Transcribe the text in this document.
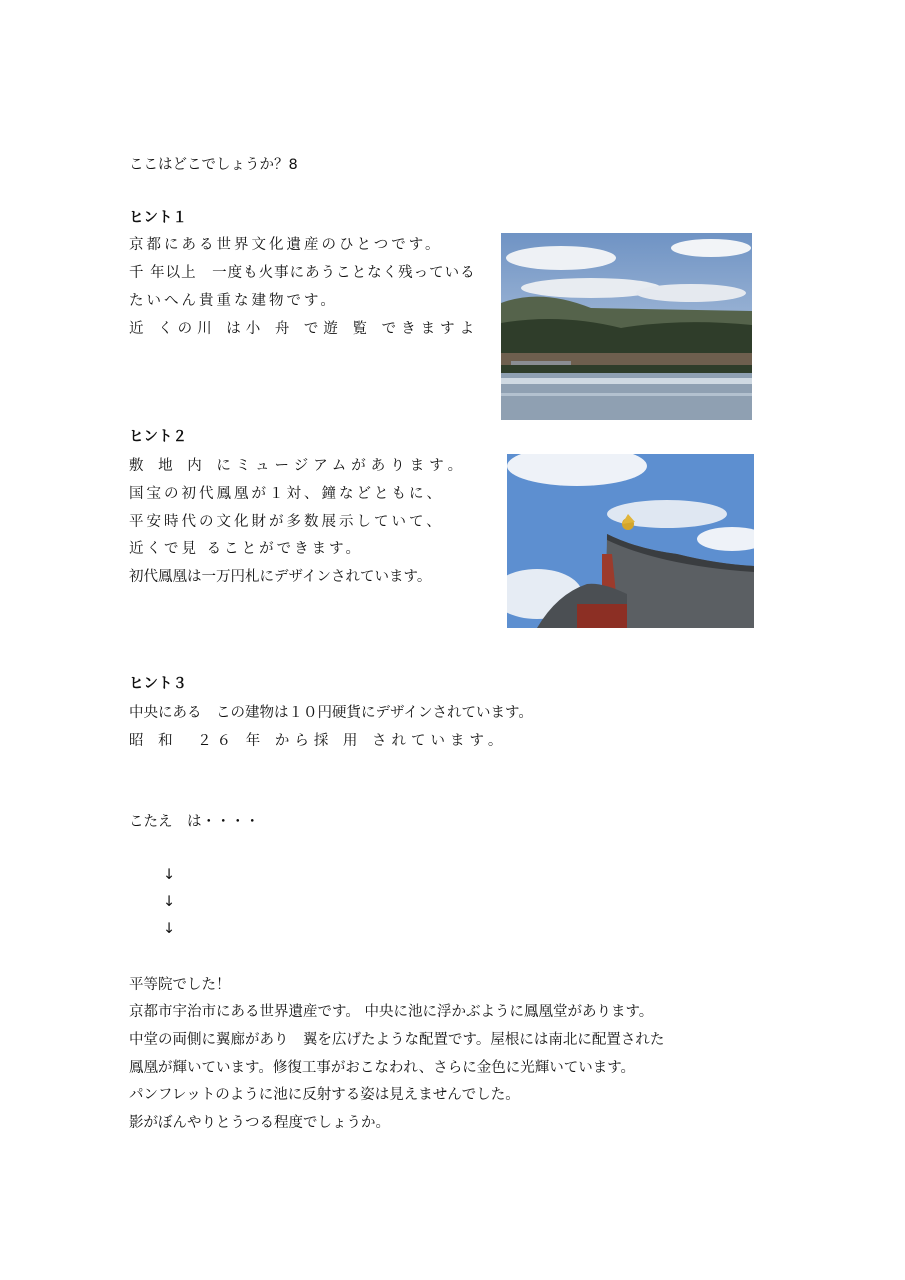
ここはどこでしょうか？8
ヒント１
京都にある世界文化遺産のひとつです。
千 年以上　一度も火事にあうことなく残っている
たいへん貴重な建物です。
近 くの川 は小 舟 で遊 覧 できますよ
ヒント２
敷 地 内 にミュージアムがあります。
国宝の初代鳳凰が１対、鐘などともに、
平安時代の文化財が多数展示していて、
近くで見 ることができます。
初代鳳凰は一万円札にデザインされています。
ヒント３
中央にある　この建物は１０円硬貨にデザインされています。
昭 和　２６ 年 から採 用 されています。
こたえ　は・・・・
↓
↓
↓
平等院でした！
京都市宇治市にある世界遺産です。 中央に池に浮かぶように鳳凰堂があります。
中堂の両側に翼廊があり　翼を広げたような配置です。屋根には南北に配置された
鳳凰が輝いています。修復工事がおこなわれ、さらに金色に光輝いています。
パンフレットのように池に反射する姿は見えませんでした。
影がぼんやりとうつる程度でしょうか。
